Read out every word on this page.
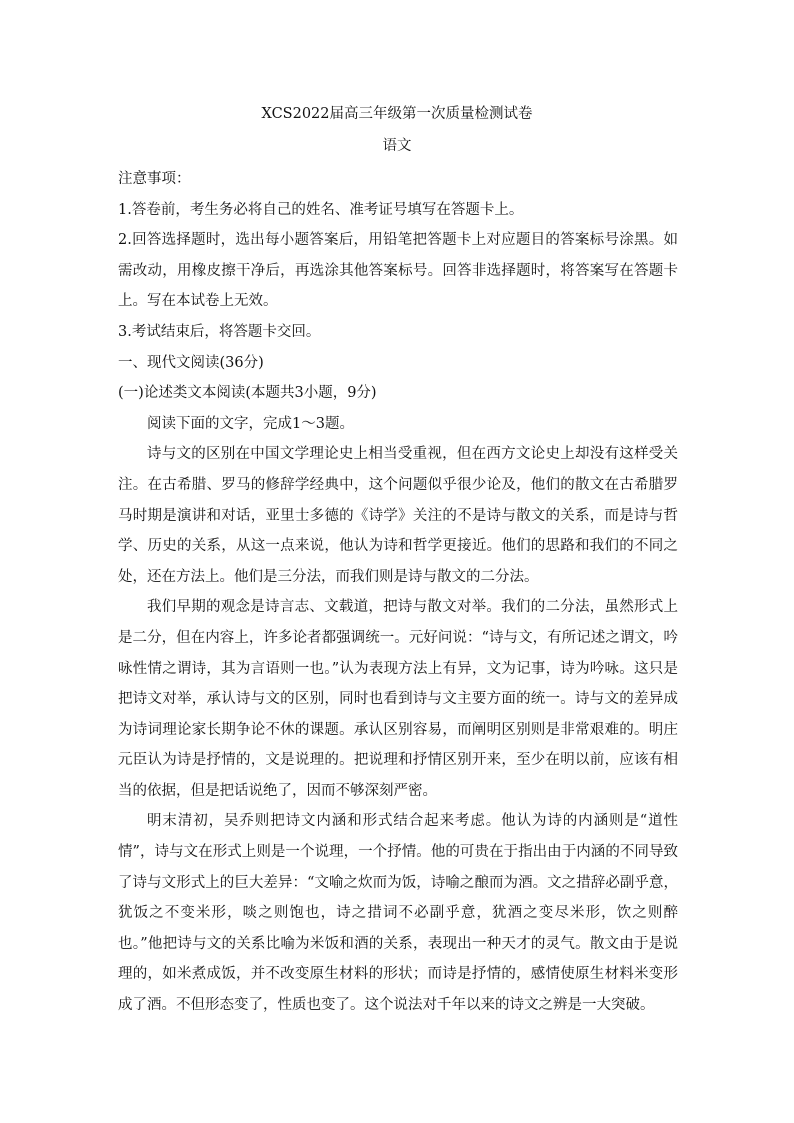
XCS2022届高三年级第一次质量检测试卷
语文

注意事项：

1.答卷前，考生务必将自己的姓名、准考证号填写在答题卡上。

2.回答选择题时，选出每小题答案后，用铅笔把答题卡上对应题目的答案标号涂黑。如需改动，用橡皮擦干净后，再选涂其他答案标号。回答非选择题时，将答案写在答题卡上。写在本试卷上无效。

3.考试结束后，将答题卡交回。

一、现代文阅读(36分)

(一)论述类文本阅读(本题共3小题，9分)

阅读下面的文字，完成1～3题。

诗与文的区别在中国文学理论史上相当受重视，但在西方文论史上却没有这样受关注。在古希腊、罗马的修辞学经典中，这个问题似乎很少论及，他们的散文在古希腊罗马时期是演讲和对话，亚里士多德的《诗学》关注的不是诗与散文的关系，而是诗与哲学、历史的关系，从这一点来说，他认为诗和哲学更接近。他们的思路和我们的不同之处，还在方法上。他们是三分法，而我们则是诗与散文的二分法。

我们早期的观念是诗言志、文载道，把诗与散文对举。我们的二分法，虽然形式上是二分，但在内容上，许多论者都强调统一。元好问说：“诗与文，有所记述之谓文，吟咏性情之谓诗，其为言语则一也。”认为表现方法上有异，文为记事，诗为吟咏。这只是把诗文对举，承认诗与文的区别，同时也看到诗与文主要方面的统一。诗与文的差异成为诗词理论家长期争论不休的课题。承认区别容易，而阐明区别则是非常艰难的。明庄元臣认为诗是抒情的，文是说理的。把说理和抒情区别开来，至少在明以前，应该有相当的依据，但是把话说绝了，因而不够深刻严密。

明末清初，吴乔则把诗文内涵和形式结合起来考虑。他认为诗的内涵则是“道性情”，诗与文在形式上则是一个说理，一个抒情。他的可贵在于指出由于内涵的不同导致了诗与文形式上的巨大差异：“文喻之炊而为饭，诗喻之酿而为酒。文之措辞必副乎意，犹饭之不变米形，啖之则饱也，诗之措词不必副乎意，犹酒之变尽米形，饮之则醉也。”他把诗与文的关系比喻为米饭和酒的关系，表现出一种天才的灵气。散文由于是说理的，如米煮成饭，并不改变原生材料的形状；而诗是抒情的，感情使原生材料米变形成了酒。不但形态变了，性质也变了。这个说法对千年以来的诗文之辨是一大突破。
